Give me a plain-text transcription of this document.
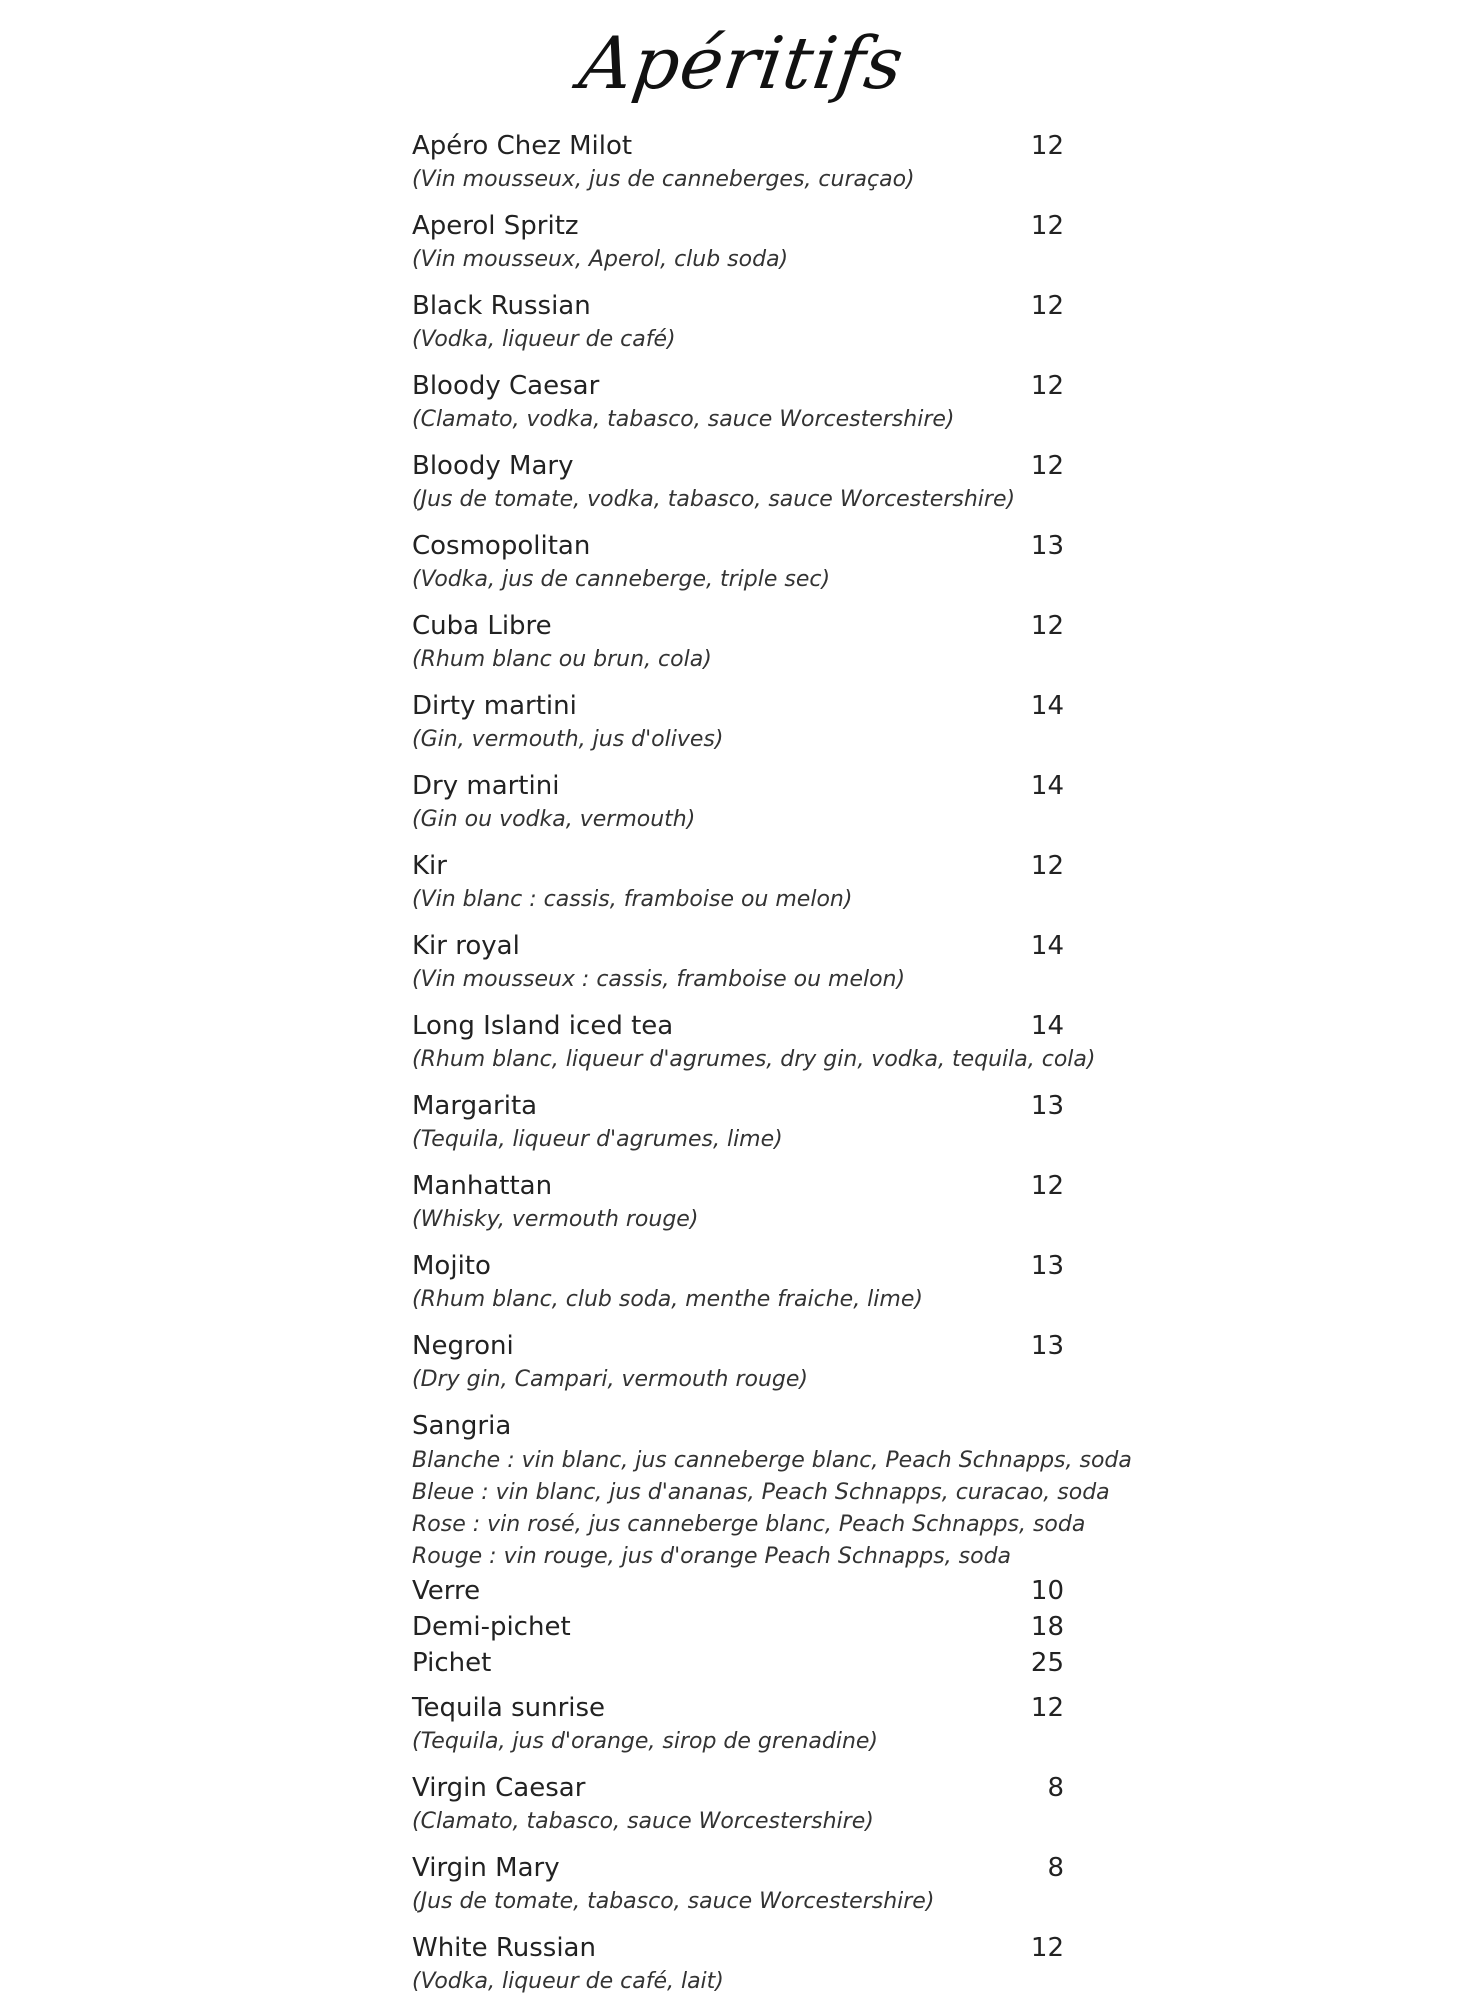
Apéritifs
Apéro Chez Milot	12
(Vin mousseux, jus de canneberges, curaçao)
Aperol Spritz	12
(Vin mousseux, Aperol, club soda)
Black Russian	12
(Vodka, liqueur de café)
Bloody Caesar	12
(Clamato, vodka, tabasco, sauce Worcestershire)
Bloody Mary	12
(Jus de tomate, vodka, tabasco, sauce Worcestershire)
Cosmopolitan	13
(Vodka, jus de canneberge, triple sec)
Cuba Libre	12
(Rhum blanc ou brun, cola)
Dirty martini	14
(Gin, vermouth, jus d'olives)
Dry martini	14
(Gin ou vodka, vermouth)
Kir	12
(Vin blanc : cassis, framboise ou melon)
Kir royal	14
(Vin mousseux : cassis, framboise ou melon)
Long Island iced tea	14
(Rhum blanc, liqueur d'agrumes, dry gin, vodka, tequila, cola)
Margarita	13
(Tequila, liqueur d'agrumes, lime)
Manhattan	12
(Whisky, vermouth rouge)
Mojito	13
(Rhum blanc, club soda, menthe fraiche, lime)
Negroni	13
(Dry gin, Campari, vermouth rouge)
Sangria
Blanche : vin blanc, jus canneberge blanc, Peach Schnapps, soda
Bleue : vin blanc, jus d'ananas, Peach Schnapps, curacao, soda
Rose : vin rosé, jus canneberge blanc, Peach Schnapps, soda
Rouge : vin rouge, jus d'orange Peach Schnapps, soda
Verre	10
Demi-pichet	18
Pichet	25
Tequila sunrise	12
(Tequila, jus d'orange, sirop de grenadine)
Virgin Caesar	8
(Clamato, tabasco, sauce Worcestershire)
Virgin Mary	8
(Jus de tomate, tabasco, sauce Worcestershire)
White Russian	12
(Vodka, liqueur de café, lait)
